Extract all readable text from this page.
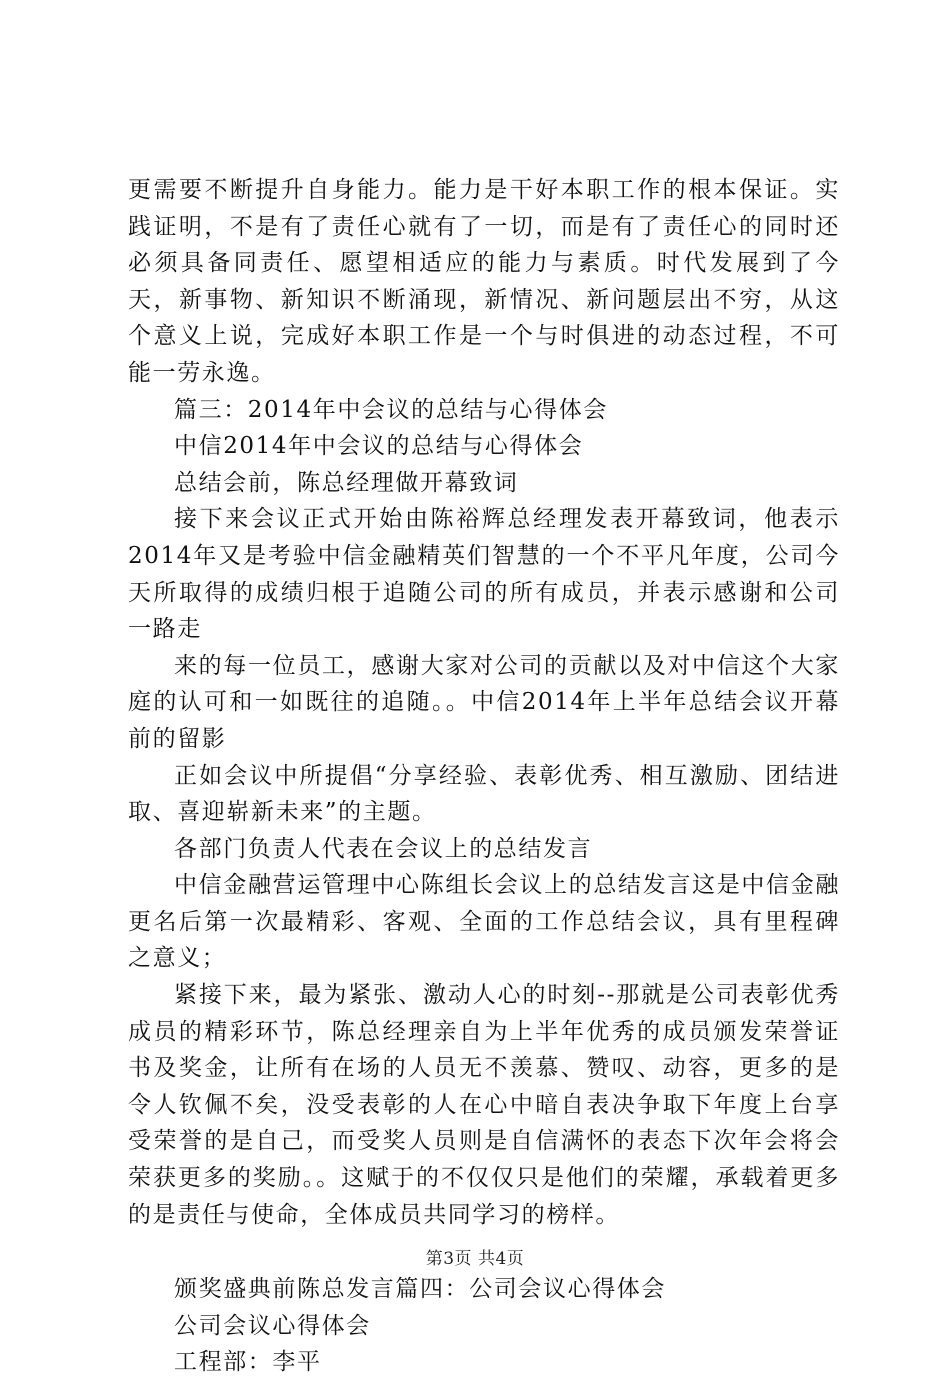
更需要不断提升自身能力。能力是干好本职工作的根本保证。实践证明，不是有了责任心就有了一切，而是有了责任心的同时还必须具备同责任、愿望相适应的能力与素质。时代发展到了今天，新事物、新知识不断涌现，新情况、新问题层出不穷，从这个意义上说，完成好本职工作是一个与时俱进的动态过程，不可能一劳永逸。

篇三：2014年中会议的总结与心得体会

中信2014年中会议的总结与心得体会

总结会前，陈总经理做开幕致词

接下来会议正式开始由陈裕辉总经理发表开幕致词，他表示2014年又是考验中信金融精英们智慧的一个不平凡年度，公司今天所取得的成绩归根于追随公司的所有成员，并表示感谢和公司一路走

来的每一位员工，感谢大家对公司的贡献以及对中信这个大家庭的认可和一如既往的追随。。中信2014年上半年总结会议开幕前的留影

正如会议中所提倡“分享经验、表彰优秀、相互激励、团结进取、喜迎崭新未来”的主题。

各部门负责人代表在会议上的总结发言

中信金融营运管理中心陈组长会议上的总结发言这是中信金融更名后第一次最精彩、客观、全面的工作总结会议，具有里程碑之意义；

紧接下来，最为紧张、激动人心的时刻--那就是公司表彰优秀成员的精彩环节，陈总经理亲自为上半年优秀的成员颁发荣誉证书及奖金，让所有在场的人员无不羡慕、赞叹、动容，更多的是令人钦佩不矣，没受表彰的人在心中暗自表决争取下年度上台享受荣誉的是自己，而受奖人员则是自信满怀的表态下次年会将会荣获更多的奖励。。这赋于的不仅仅只是他们的荣耀，承载着更多的是责任与使命，全体成员共同学习的榜样。

颁奖盛典前陈总发言篇四：公司会议心得体会

公司会议心得体会

工程部：李平

第3页 共4页
